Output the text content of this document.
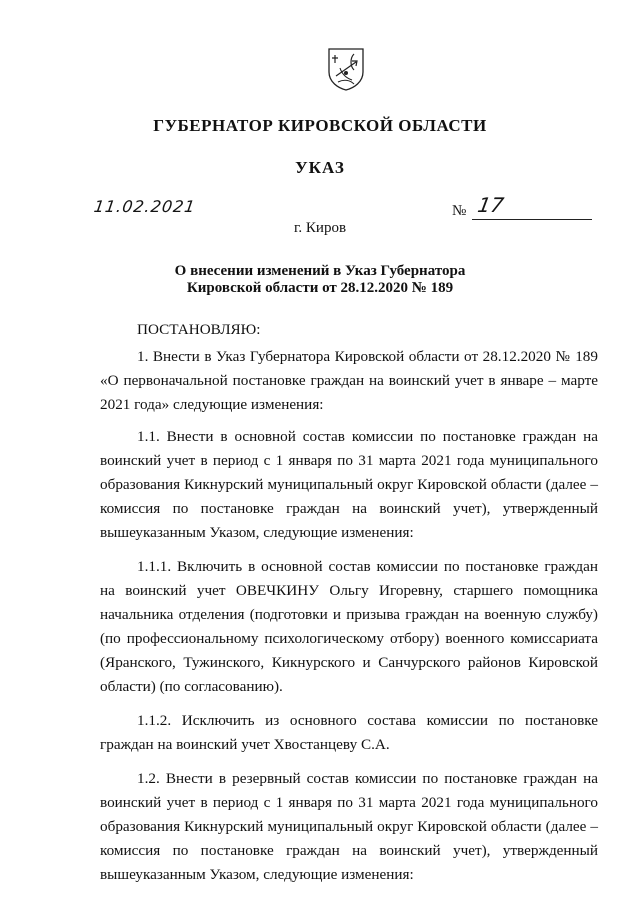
ГУБЕРНАТОР КИРОВСКОЙ ОБЛАСТИ
УКАЗ
11.02.2021	№ 17
г. Киров
О внесении изменений в Указ Губернатора
Кировской области от 28.12.2020 № 189

ПОСТАНОВЛЯЮ:

1. Внести в Указ Губернатора Кировской области от 28.12.2020 № 189 «О первоначальной постановке граждан на воинский учет в январе – марте 2021 года» следующие изменения:

1.1. Внести в основной состав комиссии по постановке граждан на воинский учет в период с 1 января по 31 марта 2021 года муниципального образования Кикнурский муниципальный округ Кировской области (далее – комиссия по постановке граждан на воинский учет), утвержденный вышеуказанным Указом, следующие изменения:

1.1.1. Включить в основной состав комиссии по постановке граждан на воинский учет ОВЕЧКИНУ Ольгу Игоревну, старшего помощника начальника отделения (подготовки и призыва граждан на военную службу) (по профессиональному психологическому отбору) военного комиссариата (Яранского, Тужинского, Кикнурского и Санчурского районов Кировской области) (по согласованию).

1.1.2. Исключить из основного состава комиссии по постановке граждан на воинский учет Хвостанцеву С.А.

1.2. Внести в резервный состав комиссии по постановке граждан на воинский учет в период с 1 января по 31 марта 2021 года муниципального образования Кикнурский муниципальный округ Кировской области (далее – комиссия по постановке граждан на воинский учет), утвержденный вышеуказанным Указом, следующие изменения:
